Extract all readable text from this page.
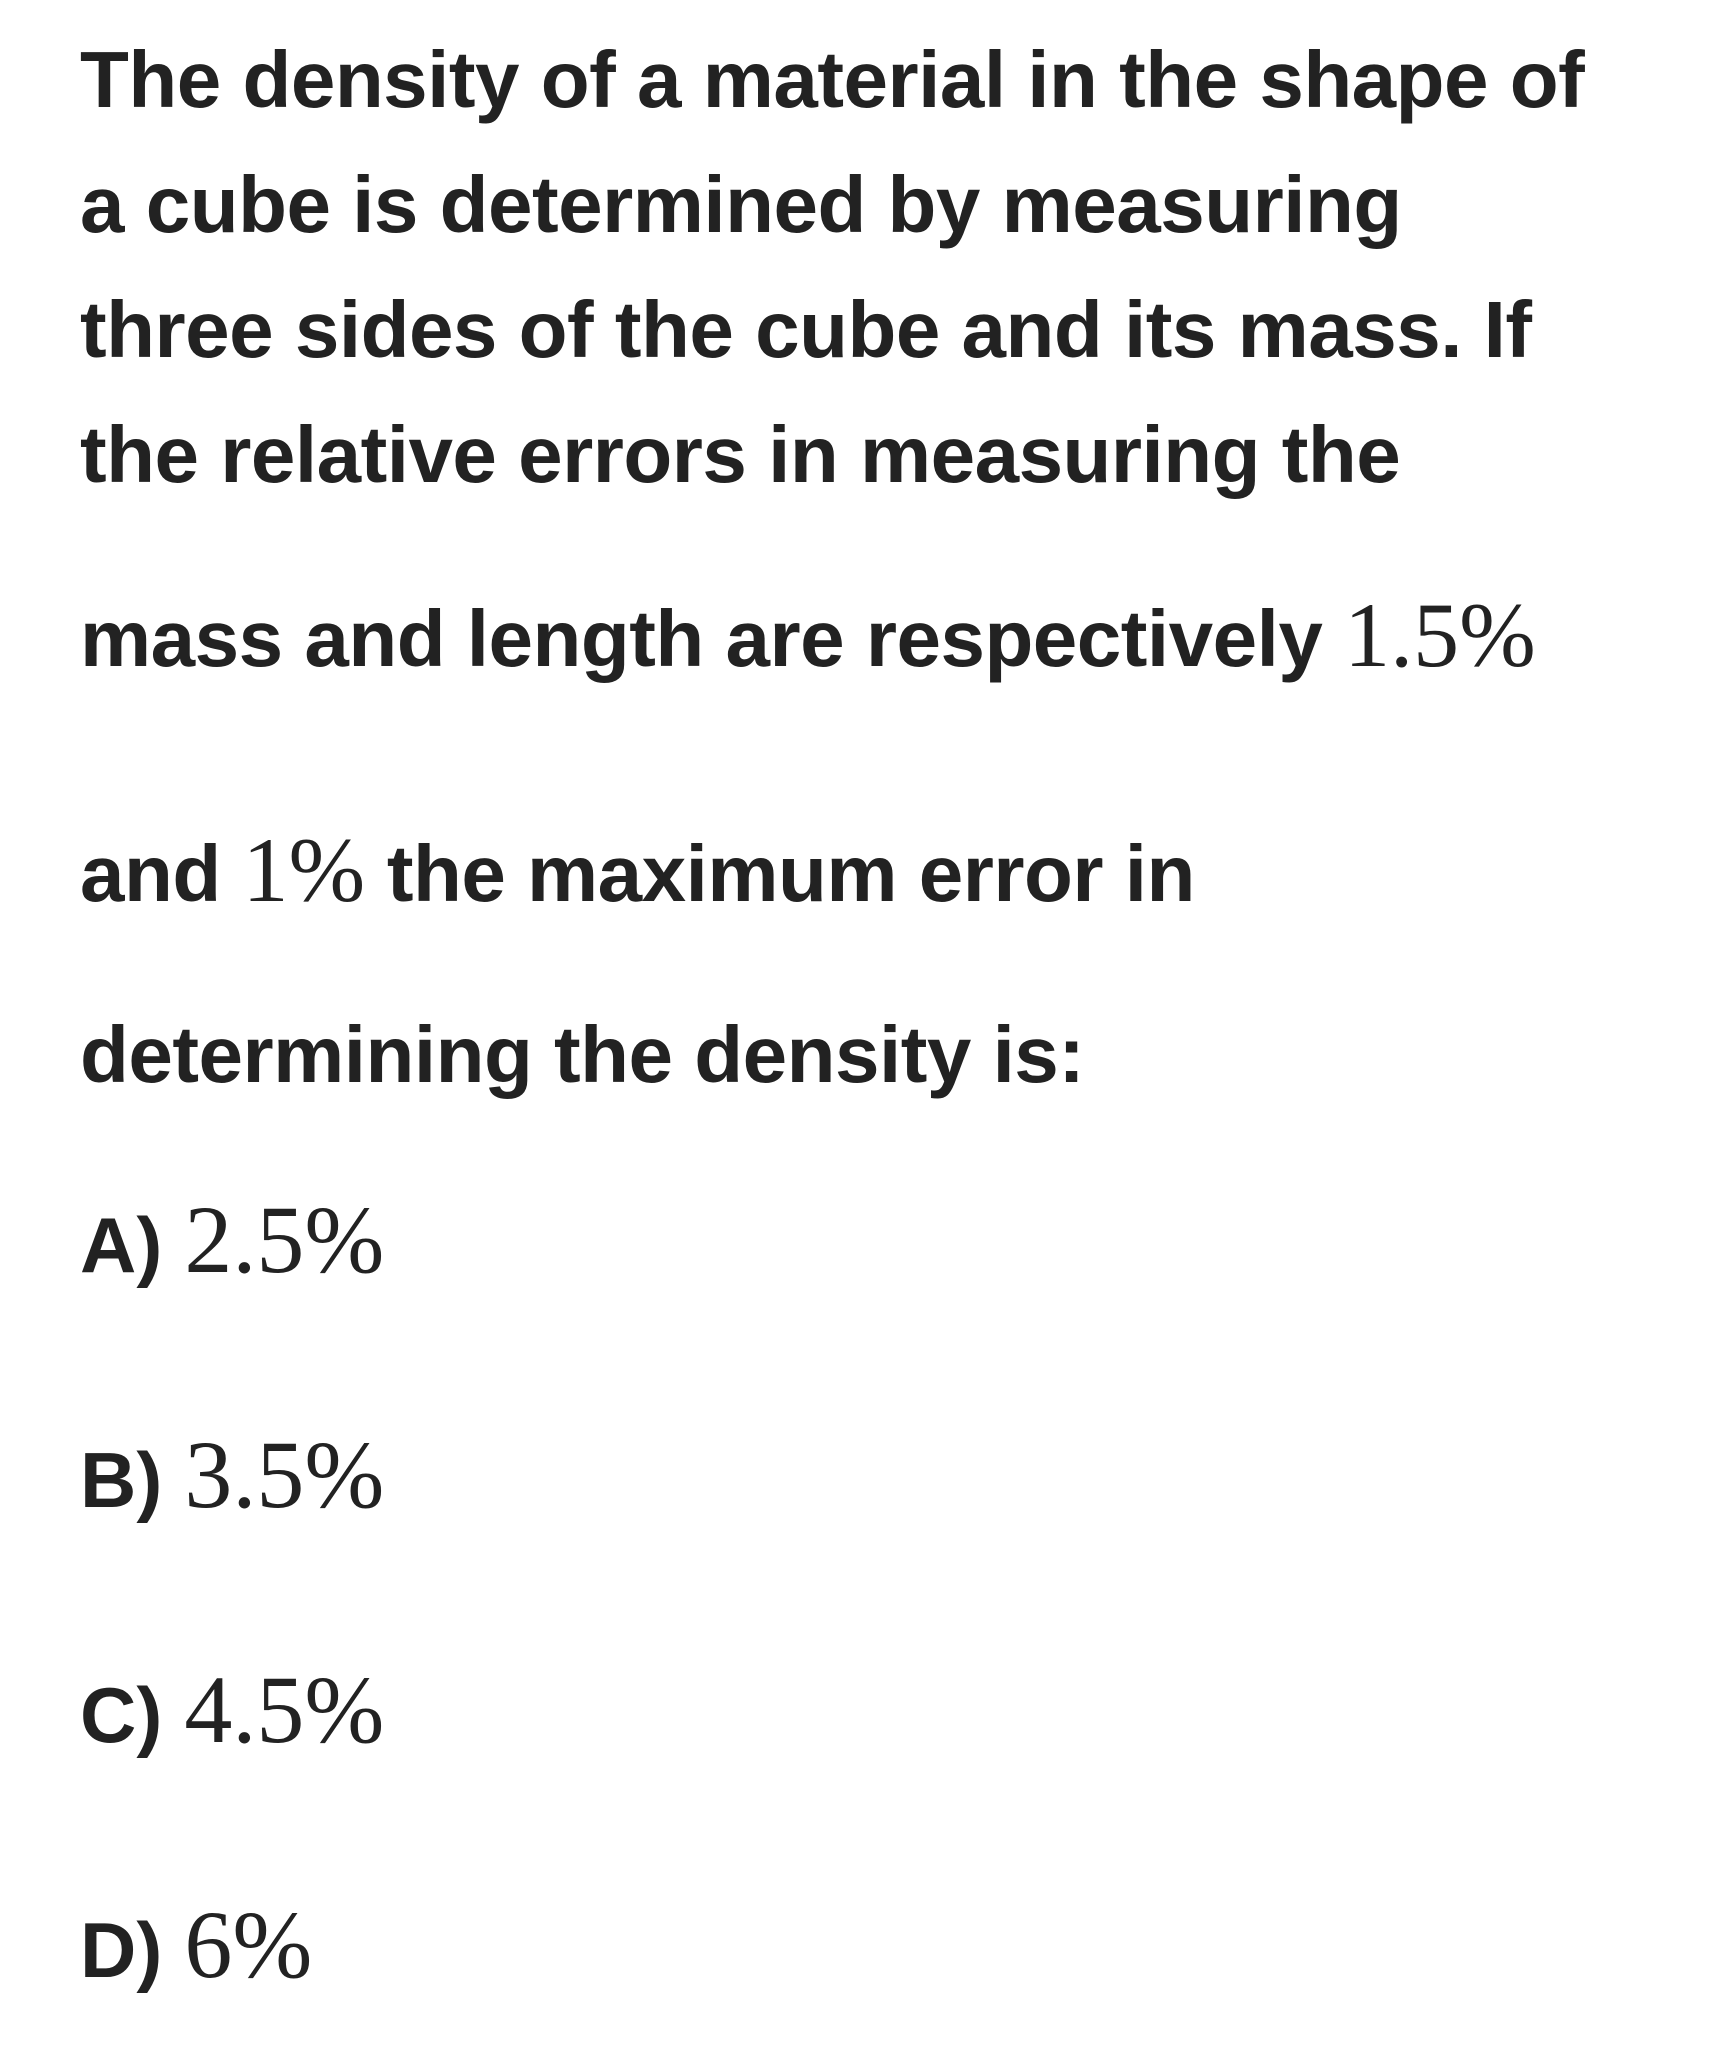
The density of a material in the shape of
a cube is determined by measuring
three sides of the cube and its mass. If
the relative errors in measuring the
mass and length are respectively 1.5%
and 1% the maximum error in
determining the density is:
A) 2.5%
B) 3.5%
C) 4.5%
D) 6%
